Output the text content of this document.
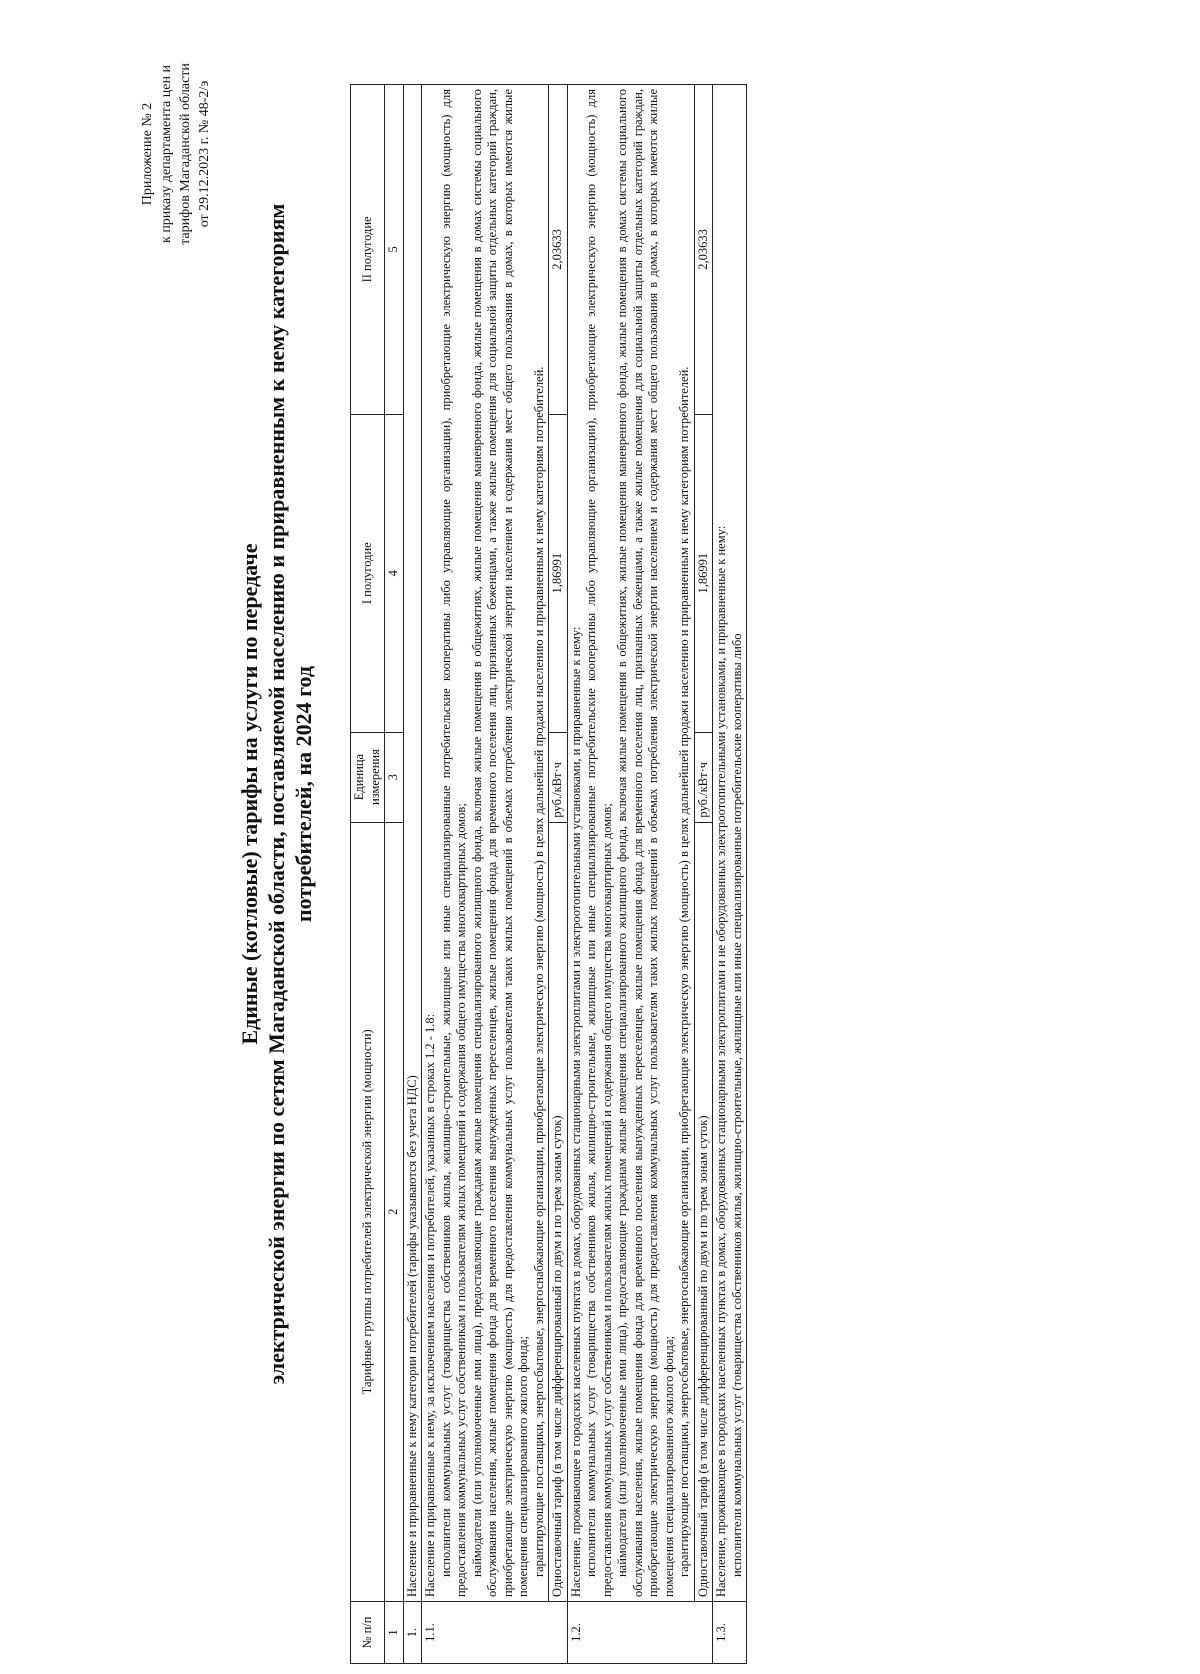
Приложение № 2 к приказу департамента цен и тарифов Магаданской области от 29.12.2023 г. № 48-2/э
Единые (котловые) тарифы на услуги по передаче электрической энергии по сетям Магаданской области, поставляемой населению и приравненным к нему категориям потребителей, на 2024 год
№ п/п	Тарифные группы потребителей электрической энергии (мощности)	Единица измерения	I полугодие	II полугодие
1	2	3	4	5
1.	Население и приравненные к нему категории потребителей (тарифы указываются без учета НДС)			
1.1.	Население и приравненные к нему, за исключением населения и потребителей, указанных в строках 1.2 - 1.8: исполнители коммунальных услуг (товарищества собственников жилья, жилищно-строительные, жилищные или иные специализированные потребительские кооперативы либо управляющие организации), приобретающие электрическую энергию (мощность) для предоставления коммунальных услуг собственникам и пользователям жилых помещений и содержания общего имущества многоквартирных домов; наймодатели (или уполномоченные ими лица), предоставляющие гражданам жилые помещения специализированного жилищного фонда, включая жилые помещения в общежитиях, жилые помещения маневренного фонда, жилые помещения в домах системы социального обслуживания населения, жилые помещения фонда для временного поселения вынужденных переселенцев, жилые помещения фонда для временного поселения лиц, признанных беженцами, а также жилые помещения для социальной защиты отдельных категорий граждан, приобретающие электрическую энергию (мощность) для предоставления коммунальных услуг пользователям таких жилых помещений в объемах потребления электрической энергии населением и содержания мест общего пользования в домах, в которых имеются жилые помещения специализированного жилого фонда; гарантирующие поставщики, энергосбытовые, энергоснабжающие организации, приобретающие электрическую энергию (мощность) в целях дальнейшей продажи населению и приравненным к нему категориям потребителей.			

	Одноставочный тариф (в том числе дифференцированный по двум и по трем зонам суток)	руб./кВт·ч	1,86991	2,03633
1.2.	Население, проживающее в городских населенных пунктах в домах, оборудованных стационарными электроплитами и электроотопительными установками, и приравненные к нему: исполнители коммунальных услуг (товарищества собственников жилья, жилищно-строительные, жилищные или иные специализированные потребительские кооперативы либо управляющие организации), приобретающие электрическую энергию (мощность) для предоставления коммунальных услуг собственникам и пользователям жилых помещений и содержания общего имущества многоквартирных домов; наймодатели (или уполномоченные ими лица), предоставляющие гражданам жилые помещения специализированного жилищного фонда, включая жилые помещения в общежитиях, жилые помещения маневренного фонда, жилые помещения в домах системы социального обслуживания населения, жилые помещения фонда для временного поселения вынужденных переселенцев, жилые помещения фонда для временного поселения лиц, признанных беженцами, а также жилые помещения для социальной защиты отдельных категорий граждан, приобретающие электрическую энергию (мощность) для предоставления коммунальных услуг пользователям таких жилых помещений в объемах потребления электрической энергии населением и содержания мест общего пользования в домах, в которых имеются жилые помещения специализированного жилого фонда; гарантирующие поставщики, энергосбытовые, энергоснабжающие организации, приобретающие электрическую энергию (мощность) в целях дальнейшей продажи населению и приравненным к нему категориям потребителей.			

	Одноставочный тариф (в том числе дифференцированный по двум и по трем зонам суток)	руб./кВт·ч	1,86991	2,03633
1.3.	Население, проживающее в городских населенных пунктах в домах, оборудованных стационарными электроплитами и не оборудованных электроотопительными установками, и приравненные к нему: исполнители коммунальных услуг (товарищества собственников жилья, жилищно-строительные, жилищные или иные специализированные потребительские кооперативы либо			
